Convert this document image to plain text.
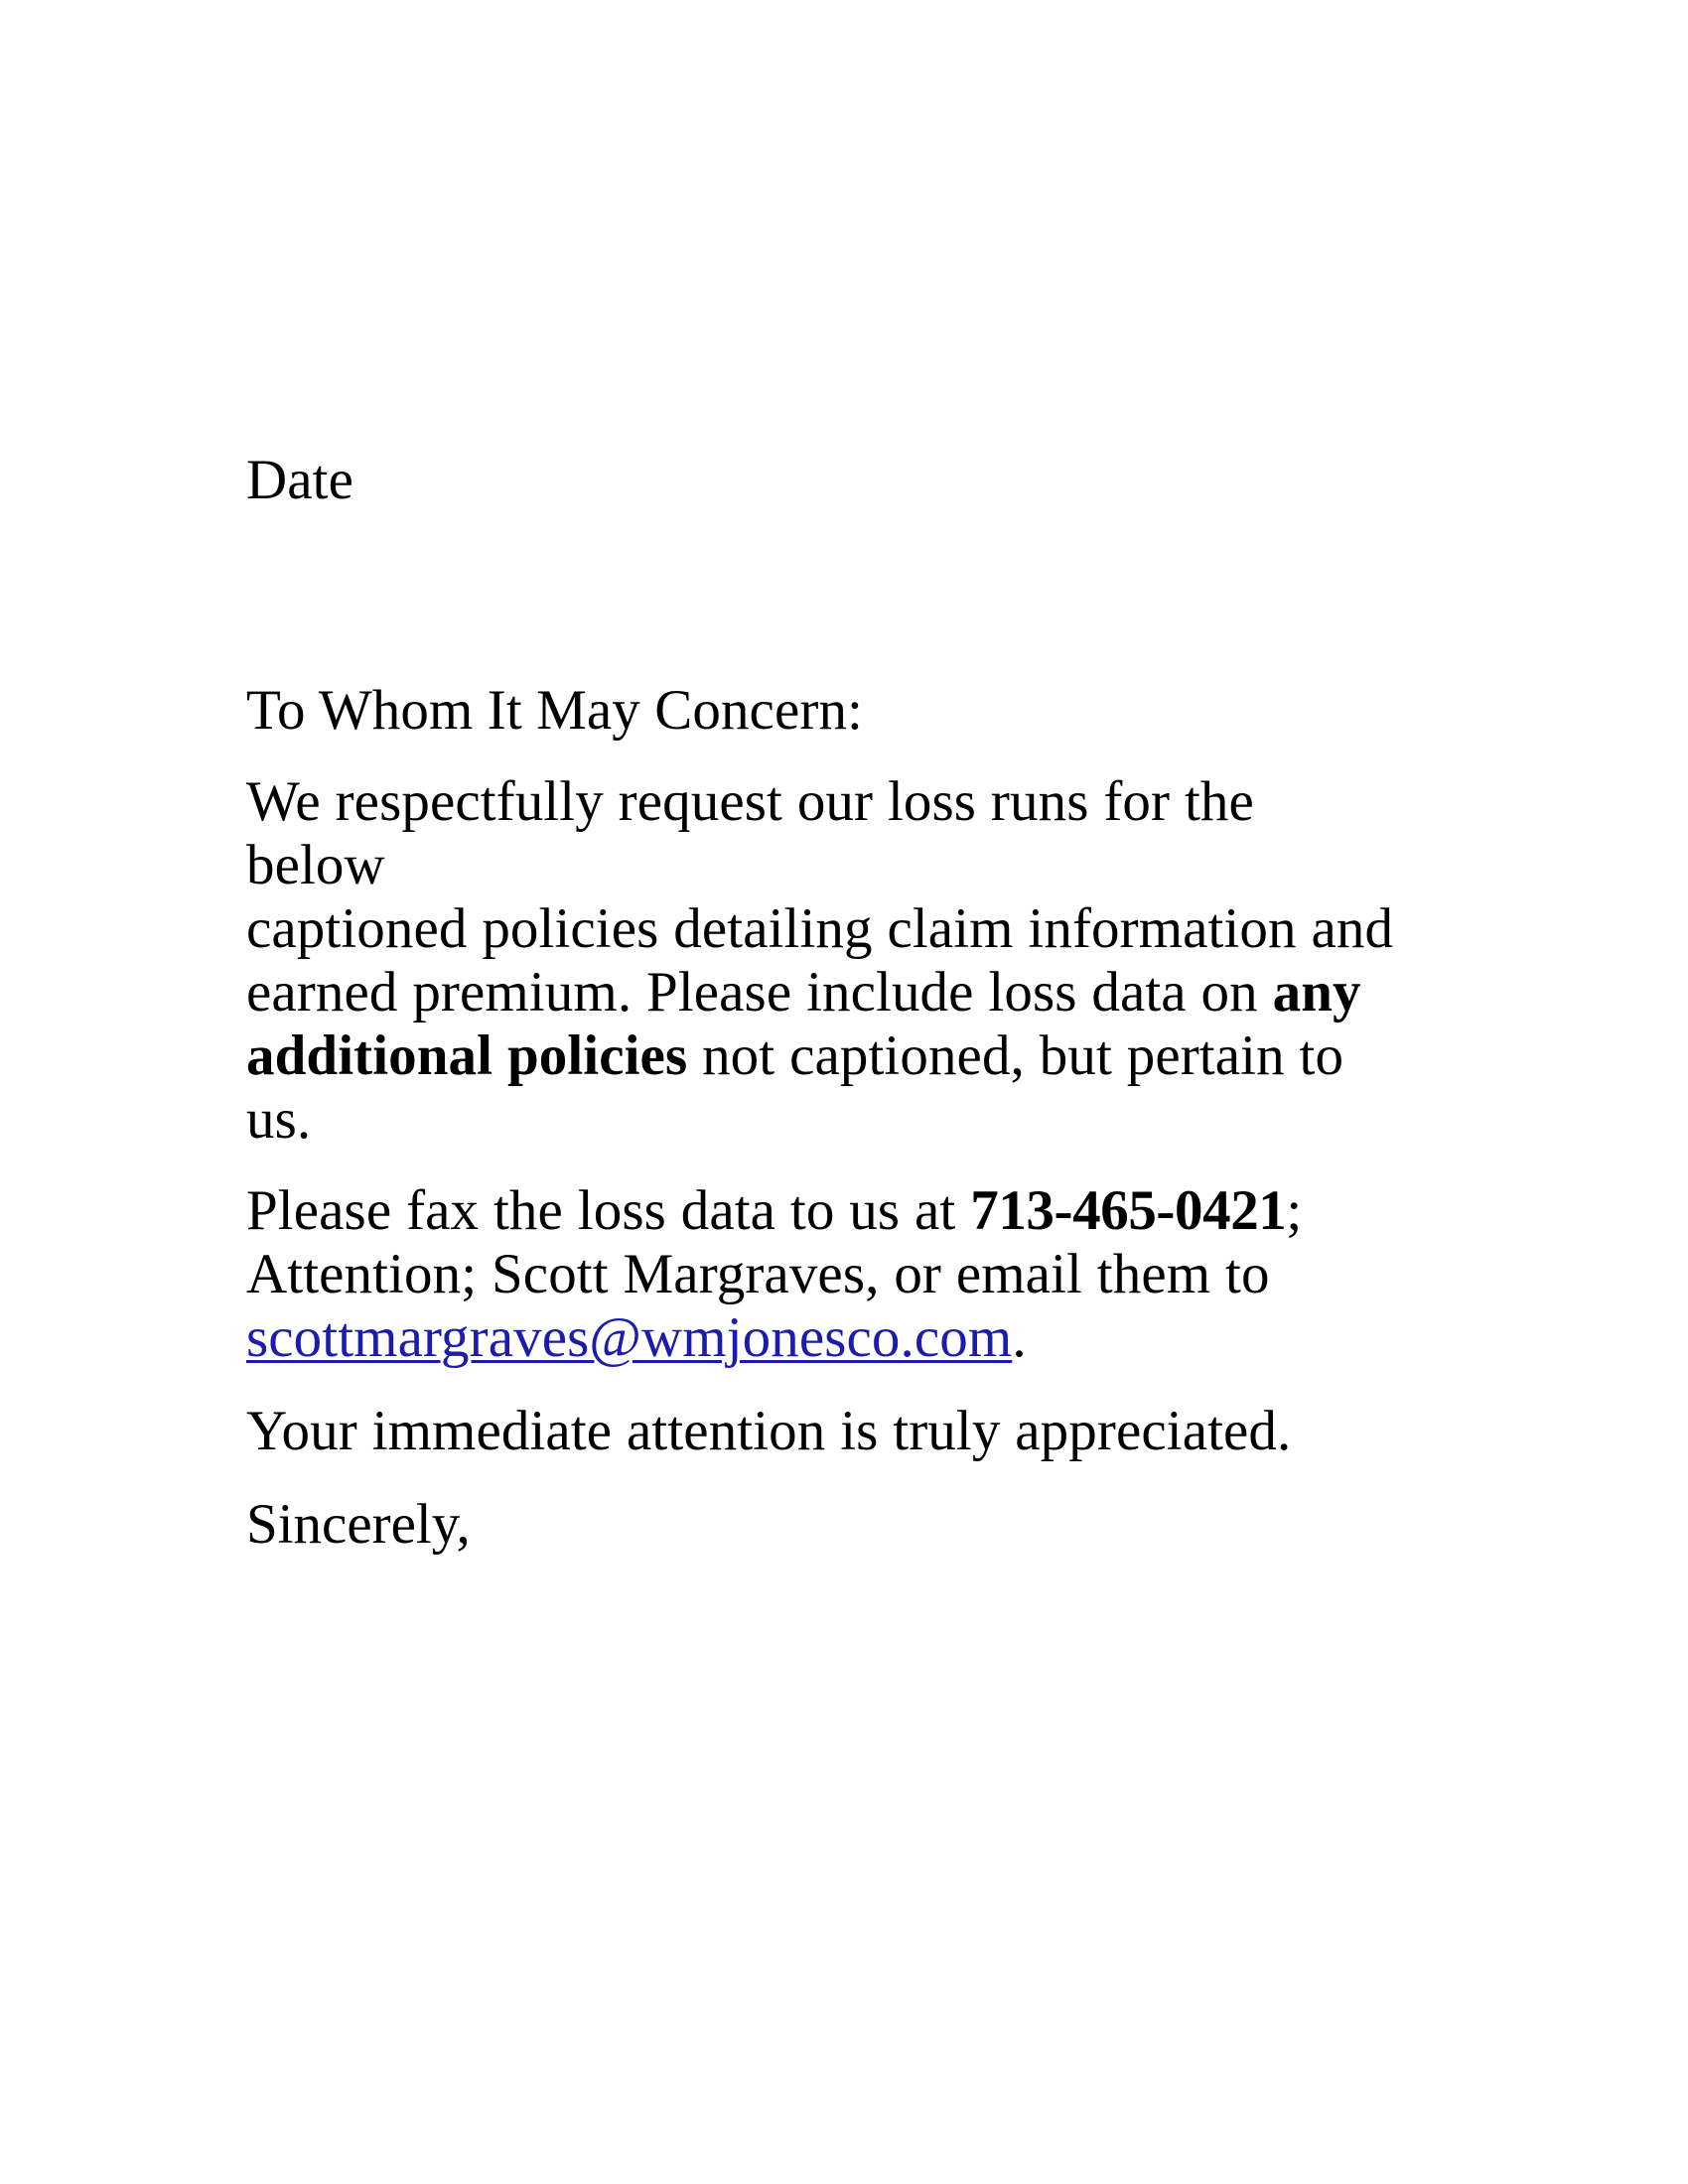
Date

To Whom It May Concern:

We respectfully request our loss runs for the below
captioned policies detailing claim information and
earned premium. Please include loss data on any
additional policies not captioned, but pertain to us.

Please fax the loss data to us at 713-465-0421;
Attention; Scott Margraves, or email them to
scottmargraves@wmjonesco.com.

Your immediate attention is truly appreciated.

Sincerely,
